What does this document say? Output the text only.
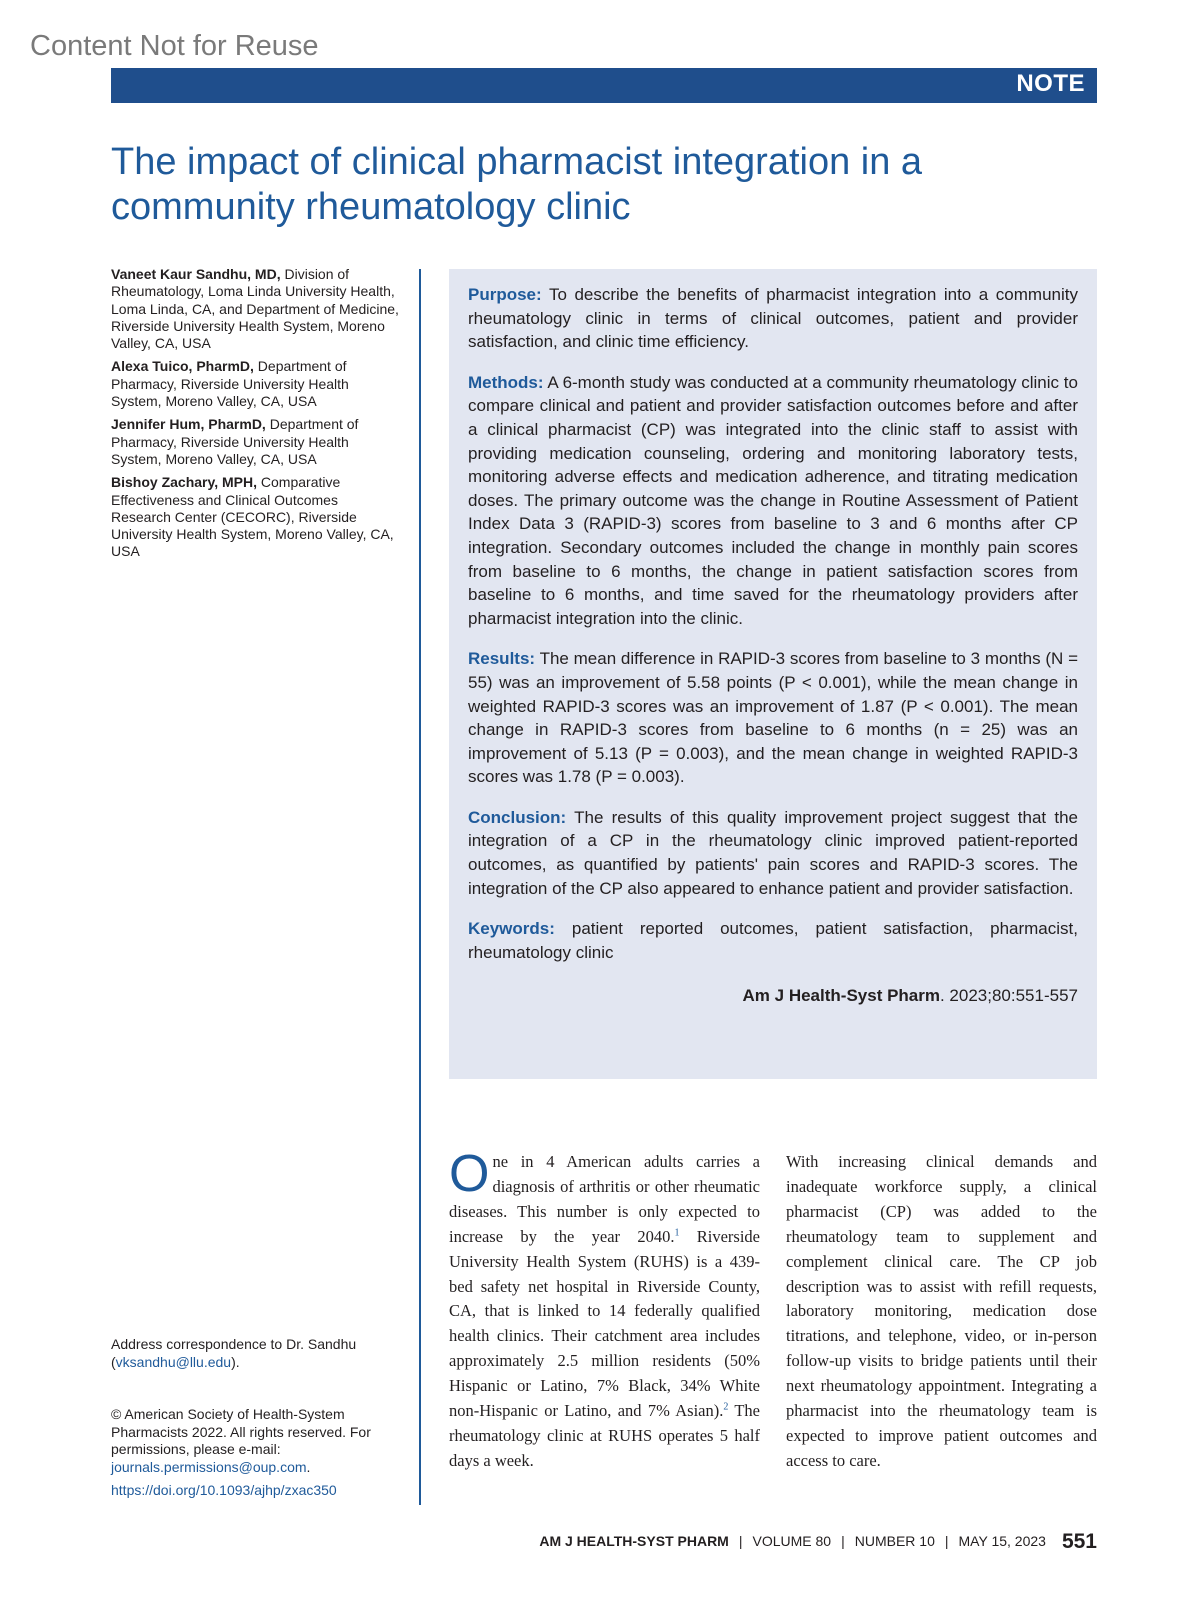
Content Not for Reuse
NOTE
The impact of clinical pharmacist integration in a community rheumatology clinic

Vaneet Kaur Sandhu, MD, Division of Rheumatology, Loma Linda University Health, Loma Linda, CA, and Department of Medicine, Riverside University Health System, Moreno Valley, CA, USA

Alexa Tuico, PharmD, Department of Pharmacy, Riverside University Health System, Moreno Valley, CA, USA

Jennifer Hum, PharmD, Department of Pharmacy, Riverside University Health System, Moreno Valley, CA, USA

Bishoy Zachary, MPH, Comparative Effectiveness and Clinical Outcomes Research Center (CECORC), Riverside University Health System, Moreno Valley, CA, USA

Purpose: To describe the benefits of pharmacist integration into a community rheumatology clinic in terms of clinical outcomes, patient and provider satisfaction, and clinic time efficiency.

Methods: A 6-month study was conducted at a community rheumatology clinic to compare clinical and patient and provider satisfaction outcomes before and after a clinical pharmacist (CP) was integrated into the clinic staff to assist with providing medication counseling, ordering and monitoring laboratory tests, monitoring adverse effects and medication adherence, and titrating medication doses. The primary outcome was the change in Routine Assessment of Patient Index Data 3 (RAPID-3) scores from baseline to 3 and 6 months after CP integration. Secondary outcomes included the change in monthly pain scores from baseline to 6 months, the change in patient satisfaction scores from baseline to 6 months, and time saved for the rheumatology providers after pharmacist integration into the clinic.

Results: The mean difference in RAPID-3 scores from baseline to 3 months (N = 55) was an improvement of 5.58 points (P < 0.001), while the mean change in weighted RAPID-3 scores was an improvement of 1.87 (P < 0.001). The mean change in RAPID-3 scores from baseline to 6 months (n = 25) was an improvement of 5.13 (P = 0.003), and the mean change in weighted RAPID-3 scores was 1.78 (P = 0.003).

Conclusion: The results of this quality improvement project suggest that the integration of a CP in the rheumatology clinic improved patient-reported outcomes, as quantified by patients' pain scores and RAPID-3 scores. The integration of the CP also appeared to enhance patient and provider satisfaction.

Keywords: patient reported outcomes, patient satisfaction, pharmacist, rheumatology clinic

Am J Health-Syst Pharm. 2023;80:551-557

Address correspondence to Dr. Sandhu (vksandhu@llu.edu).

© American Society of Health-System Pharmacists 2022. All rights reserved. For permissions, please e-mail: journals.permissions@oup.com.

https://doi.org/10.1093/ajhp/zxac350

One in 4 American adults carries a diagnosis of arthritis or other rheumatic diseases. This number is only expected to increase by the year 2040.$^1$ Riverside University Health System (RUHS) is a 439-bed safety net hospital in Riverside County, CA, that is linked to 14 federally qualified health clinics. Their catchment area includes approximately 2.5 million residents (50% Hispanic or Latino, 7% Black, 34% White non-Hispanic or Latino, and 7% Asian).$^2$ The rheumatology clinic at RUHS operates 5 half days a week.
With increasing clinical demands and inadequate workforce supply, a clinical pharmacist (CP) was added to the rheumatology team to supplement and complement clinical care. The CP job description was to assist with refill requests, laboratory monitoring, medication dose titrations, and telephone, video, or in-person follow-up visits to bridge patients until their next rheumatology appointment. Integrating a pharmacist into the rheumatology team is expected to improve patient outcomes and access to care.
AM J HEALTH-SYST PHARM | VOLUME 80 | NUMBER 10 | MAY 15, 2023 551
